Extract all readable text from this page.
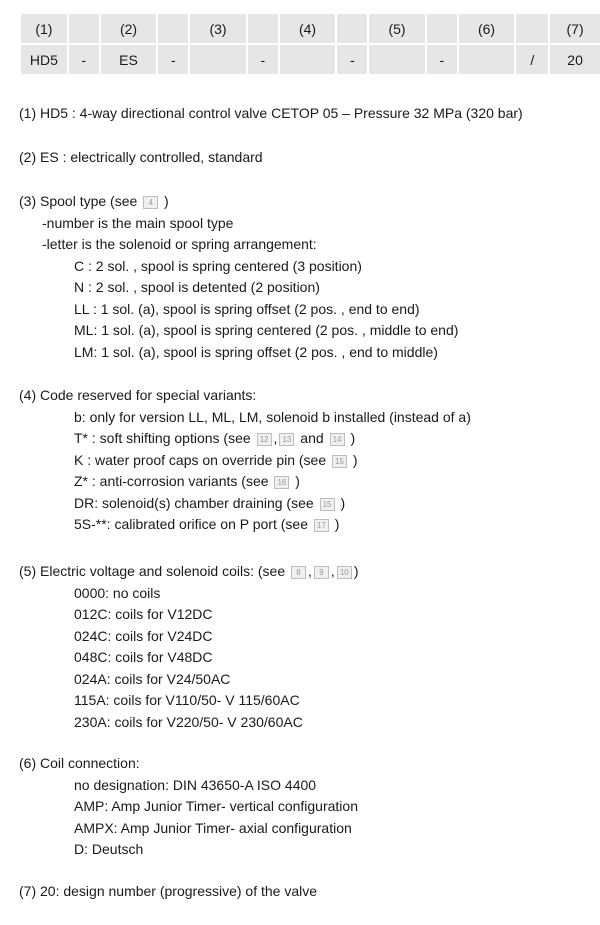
(1)		(2)		(3)		(4)		(5)		(6)		(7)
HD5	-	ES	-		-		-		-		/	20
(1) HD5 : 4-way directional control valve CETOP 05 – Pressure 32 MPa (320 bar)
(2) ES : electrically controlled, standard
(3) Spool type (see 4 )
-number is the main spool type
-letter is the solenoid or spring arrangement:
C : 2 sol. , spool is spring centered (3 position)
N : 2 sol. , spool is detented (2 position)
LL : 1 sol. (a), spool is spring offset (2 pos. , end to end)
ML: 1 sol. (a), spool is spring centered (2 pos. , middle to end)
LM: 1 sol. (a), spool is spring offset (2 pos. , end to middle)
(4) Code reserved for special variants:
b: only for version LL, ML, LM, solenoid b installed (instead of a)
T* : soft shifting options (see 12 , 13 and 14 )
K : water proof caps on override pin (see 15 )
Z* : anti-corrosion variants (see 16 )
DR: solenoid(s) chamber draining (see 15 )
5S-**: calibrated orifice on P port (see 17 )
(5) Electric voltage and solenoid coils: (see 8 , 9 , 10 )
0000: no coils
012C: coils for V12DC
024C: coils for V24DC
048C: coils for V48DC
024A: coils for V24/50AC
115A: coils for V110/50- V 115/60AC
230A: coils for V220/50- V 230/60AC
(6) Coil connection:
no designation: DIN 43650-A ISO 4400
AMP: Amp Junior Timer- vertical configuration
AMPX: Amp Junior Timer- axial configuration
D: Deutsch
(7) 20: design number (progressive) of the valve
